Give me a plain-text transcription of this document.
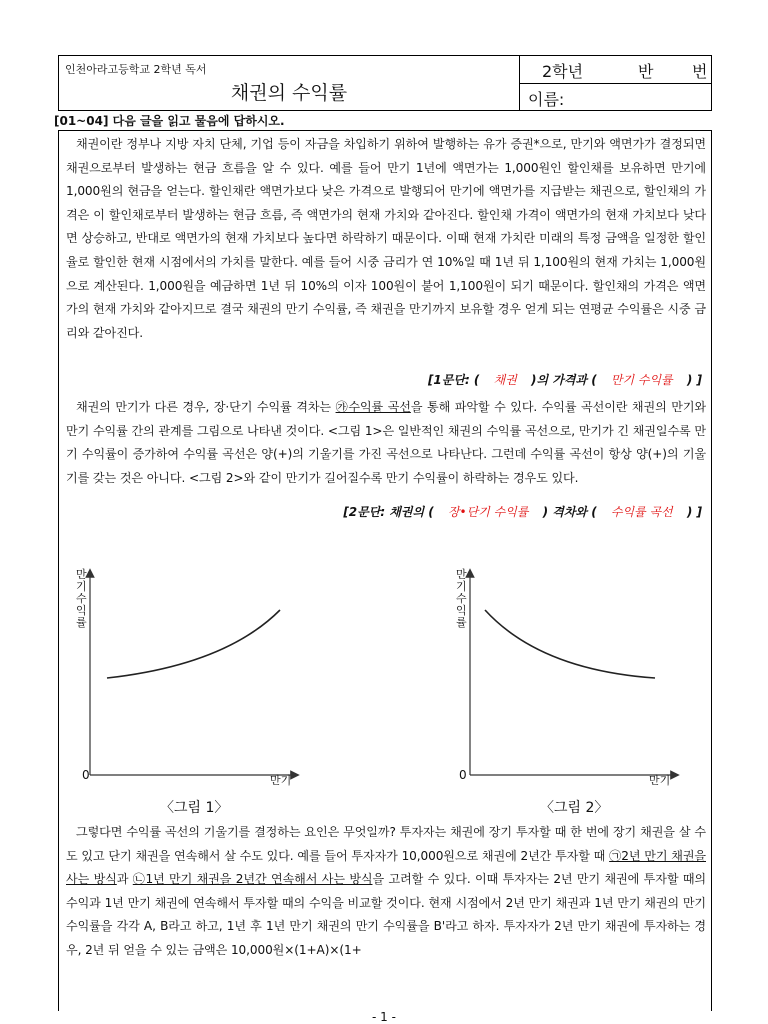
인천아라고등학교 2학년 독서
채권의 수익률
2학년	반 번
이름:
[01~04] 다음 글을 읽고 물음에 답하시오.
채권이란 정부나 지방 자치 단체, 기업 등이 자금을 차입하기 위하여 발행하는 유가 증권*으로, 만기와 액면가가 결정되면 채권으로부터 발생하는 현금 흐름을 알 수 있다. 예를 들어 만기 1년에 액면가는 1,000원인 할인채를 보유하면 만기에 1,000원의 현금을 얻는다. 할인채란 액면가보다 낮은 가격으로 발행되어 만기에 액면가를 지급받는 채권으로, 할인채의 가격은 이 할인채로부터 발생하는 현금 흐름, 즉 액면가의 현재 가치와 같아진다. 할인채 가격이 액면가의 현재 가치보다 낮다면 상승하고, 반대로 액면가의 현재 가치보다 높다면 하락하기 때문이다. 이때 현재 가치란 미래의 특정 금액을 일정한 할인율로 할인한 현재 시점에서의 가치를 말한다. 예를 들어 시중 금리가 연 10%일 때 1년 뒤 1,100원의 현재 가치는 1,000원으로 계산된다. 1,000원을 예금하면 1년 뒤 10%의 이자 100원이 붙어 1,100원이 되기 때문이다. 할인채의 가격은 액면가의 현재 가치와 같아지므로 결국 채권의 만기 수익률, 즉 채권을 만기까지 보유할 경우 얻게 되는 연평균 수익률은 시중 금리와 같아진다.
[1문단: ( 채권 )의 가격과 ( 만기 수익률 ) ]
채권의 만기가 다른 경우, 장·단기 수익률 격차는 ㉮수익률 곡선을 통해 파악할 수 있다. 수익률 곡선이란 채권의 만기와 만기 수익률 간의 관계를 그림으로 나타낸 것이다. <그림 1>은 일반적인 채권의 수익률 곡선으로, 만기가 긴 채권일수록 만기 수익률이 증가하여 수익률 곡선은 양(+)의 기울기를 가진 곡선으로 나타난다. 그런데 수익률 곡선이 항상 양(+)의 기울기를 갖는 것은 아니다. <그림 2>와 같이 만기가 길어질수록 만기 수익률이 하락하는 경우도 있다.
[2문단: 채권의 ( 장•단기 수익률 ) 격차와 ( 수익률 곡선 ) ]
만
기
수
익
률
0	만기
〈그림 1〉
만
기
수
익
률
0	만기
〈그림 2〉
그렇다면 수익률 곡선의 기울기를 결정하는 요인은 무엇일까? 투자자는 채권에 장기 투자할 때 한 번에 장기 채권을 살 수도 있고 단기 채권을 연속해서 살 수도 있다. 예를 들어 투자자가 10,000원으로 채권에 2년간 투자할 때 ㉠2년 만기 채권을 사는 방식과 ㉡1년 만기 채권을 2년간 연속해서 사는 방식을 고려할 수 있다. 이때 투자자는 2년 만기 채권에 투자할 때의 수익과 1년 만기 채권에 연속해서 투자할 때의 수익을 비교할 것이다. 현재 시점에서 2년 만기 채권과 1년 만기 채권의 만기 수익률을 각각 A, B라고 하고, 1년 후 1년 만기 채권의 만기 수익률을 B'라고 하자. 투자자가 2년 만기 채권에 투자하는 경우, 2년 뒤 얻을 수 있는 금액은 10,000원×(1+A)×(1+
- 1 -
